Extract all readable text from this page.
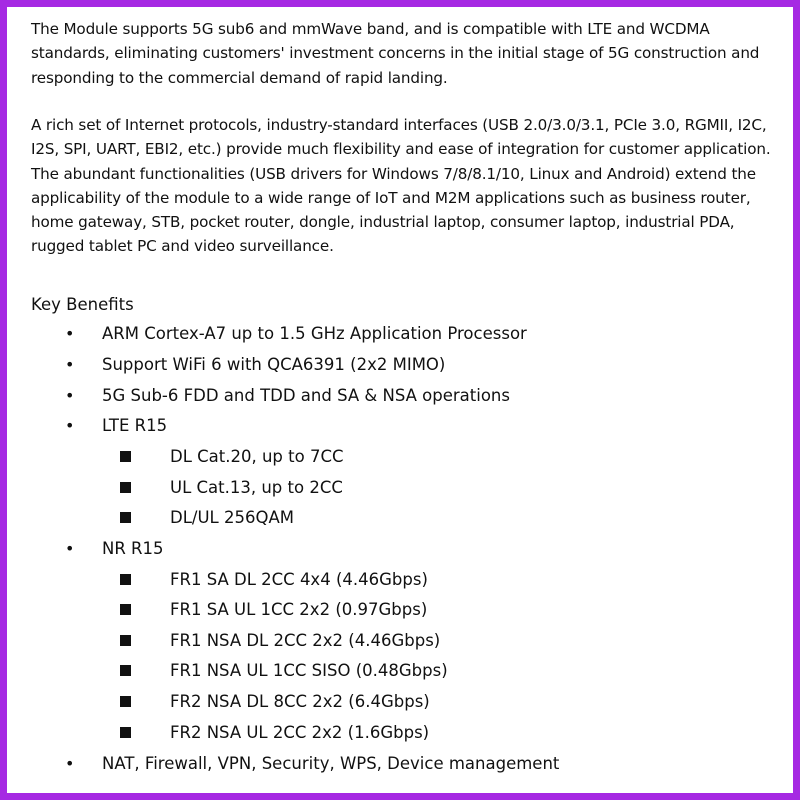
The Module supports 5G sub6 and mmWave band, and is compatible with LTE and WCDMA standards, eliminating customers' investment concerns in the initial stage of 5G construction and responding to the commercial demand of rapid landing.

A rich set of Internet protocols, industry-standard interfaces (USB 2.0/3.0/3.1, PCIe 3.0, RGMII, I2C, I2S, SPI, UART, EBI2, etc.) provide much flexibility and ease of integration for customer application. The abundant functionalities (USB drivers for Windows 7/8/8.1/10, Linux and Android) extend the applicability of the module to a wide range of IoT and M2M applications such as business router, home gateway, STB, pocket router, dongle, industrial laptop, consumer laptop, industrial PDA, rugged tablet PC and video surveillance.

Key Benefits
• ARM Cortex-A7 up to 1.5 GHz Application Processor
• Support WiFi 6 with QCA6391 (2x2 MIMO)
• 5G Sub-6 FDD and TDD and SA & NSA operations
• LTE R15
DL Cat.20, up to 7CC
UL Cat.13, up to 2CC
DL/UL 256QAM
• NR R15
FR1 SA DL 2CC 4x4 (4.46Gbps)
FR1 SA UL 1CC 2x2 (0.97Gbps)
FR1 NSA DL 2CC 2x2 (4.46Gbps)
FR1 NSA UL 1CC SISO (0.48Gbps)
FR2 NSA DL 8CC 2x2 (6.4Gbps)
FR2 NSA UL 2CC 2x2 (1.6Gbps)
• NAT, Firewall, VPN, Security, WPS, Device management
